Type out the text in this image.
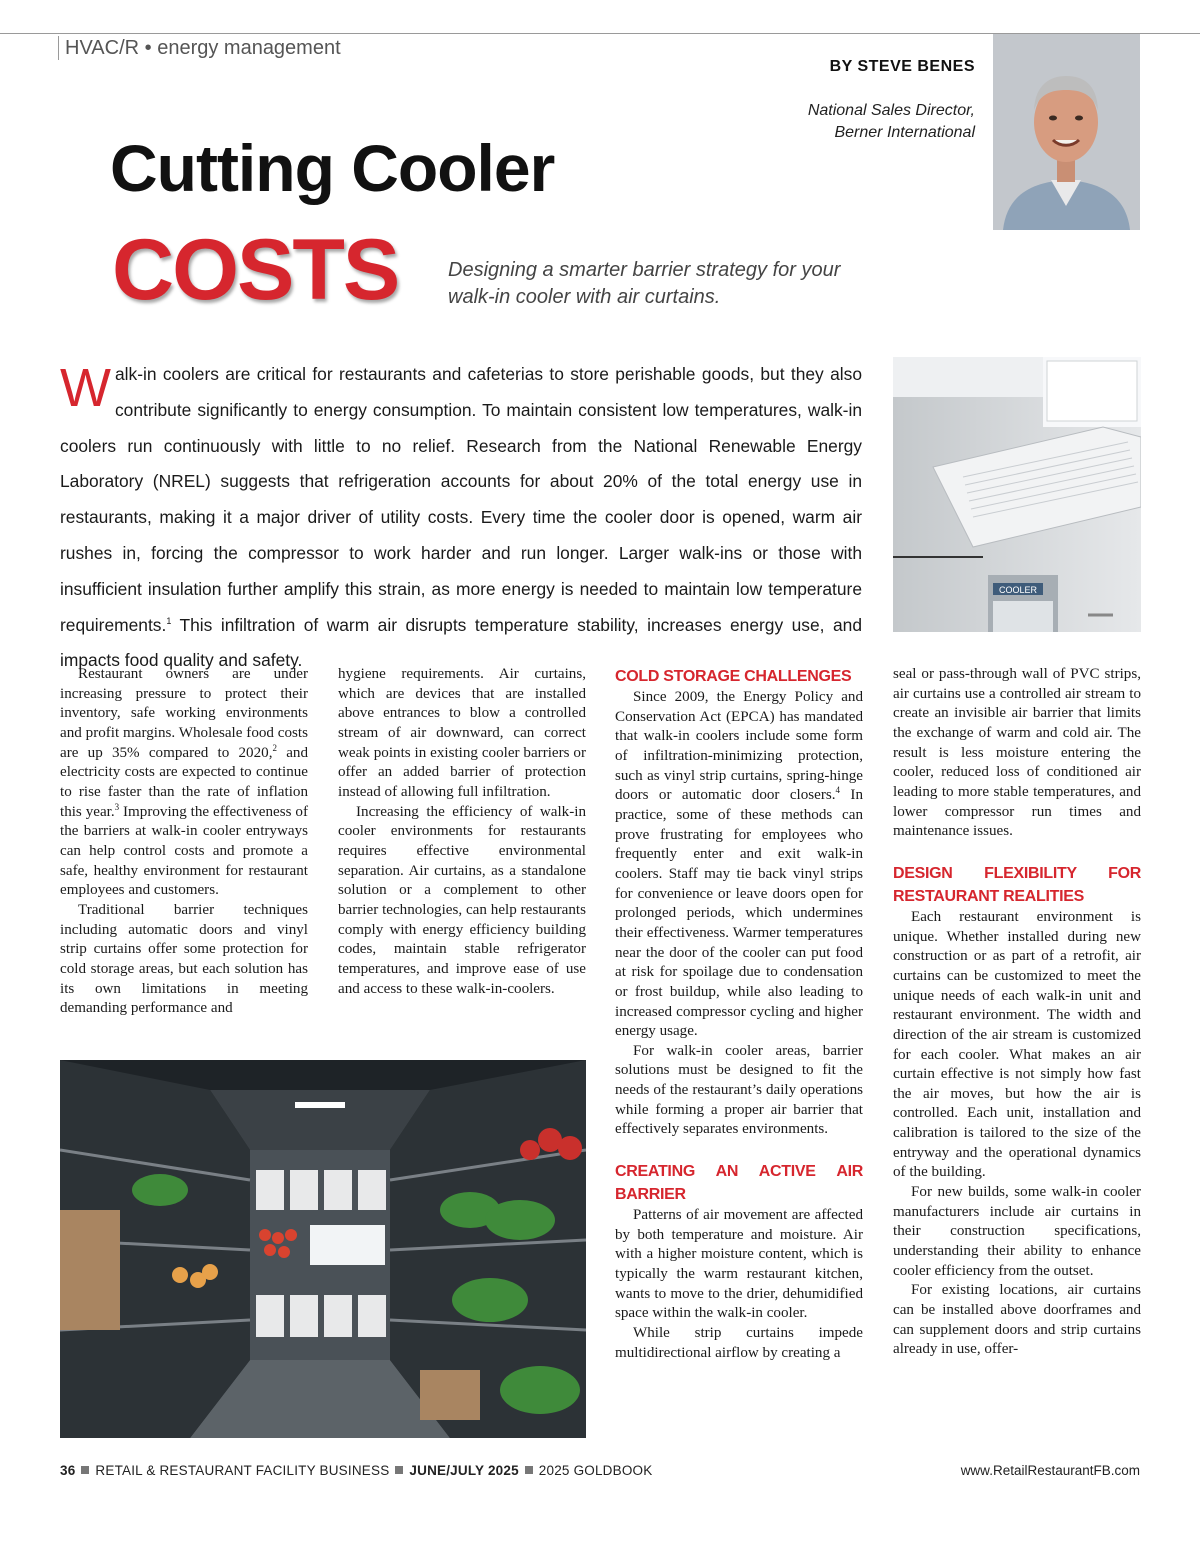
HVAC/R • energy management
BY STEVE BENES
National Sales Director,
Berner International
Cutting Cooler
COSTS Designing a smarter barrier strategy for your walk-in cooler with air curtains.
Walk-in coolers are critical for restaurants and cafeterias to store perishable goods, but they also contribute significantly to energy consumption. To maintain consistent low temperatures, walk-in coolers run continuously with little to no relief. Research from the National Renewable Energy Laboratory (NREL) suggests that refrigeration accounts for about 20% of the total energy use in restaurants, making it a major driver of utility costs. Every time the cooler door is opened, warm air rushes in, forcing the compressor to work harder and run longer. Larger walk-ins or those with insufficient insulation further amplify this strain, as more energy is needed to maintain low temperature requirements.$^1$ This infiltration of warm air disrupts temperature stability, increases energy use, and impacts food quality and safety.
COOLER

Restaurant owners are under increasing pressure to protect their inventory, safe working environments and profit margins. Wholesale food costs are up 35% compared to 2020,$^2$ and electricity costs are expected to continue to rise faster than the rate of inflation this year.$^3$ Improving the effectiveness of the barriers at walk-in cooler entryways can help control costs and promote a safe, healthy environment for restaurant employees and customers.

Traditional barrier techniques including automatic doors and vinyl strip curtains offer some protection for cold storage areas, but each solution has its own limitations in meeting demanding performance and

hygiene requirements. Air curtains, which are devices that are installed above entrances to blow a controlled stream of air downward, can correct weak points in existing cooler barriers or offer an added barrier of protection instead of allowing full infiltration.

Increasing the efficiency of walk-in cooler environments for restaurants requires effective environmental separation. Air curtains, as a standalone solution or a complement to other barrier technologies, can help restaurants comply with energy efficiency building codes, maintain stable refrigerator temperatures, and improve ease of use and access to these walk-in-coolers.

COLD STORAGE CHALLENGES

Since 2009, the Energy Policy and Conservation Act (EPCA) has mandated that walk-in coolers include some form of infiltration-minimizing protection, such as vinyl strip curtains, spring-hinge doors or automatic door closers.$^4$ In practice, some of these methods can prove frustrating for employees who frequently enter and exit walk-in coolers. Staff may tie back vinyl strips for convenience or leave doors open for prolonged periods, which undermines their effectiveness. Warmer temperatures near the door of the cooler can put food at risk for spoilage due to condensation or frost buildup, while also leading to increased compressor cycling and higher energy usage.

For walk-in cooler areas, barrier solutions must be designed to fit the needs of the restaurant’s daily operations while forming a proper air barrier that effectively separates environments.

CREATING AN ACTIVE AIR BARRIER

Patterns of air movement are affected by both temperature and moisture. Air with a higher moisture content, which is typically the warm restaurant kitchen, wants to move to the drier, dehumidified space within the walk-in cooler.

While strip curtains impede multidirectional airflow by creating a

seal or pass-through wall of PVC strips, air curtains use a controlled air stream to create an invisible air barrier that limits the exchange of warm and cold air. The result is less moisture entering the cooler, reduced loss of conditioned air leading to more stable temperatures, and lower compressor run times and maintenance issues.

DESIGN FLEXIBILITY FOR RESTAURANT REALITIES

Each restaurant environment is unique. Whether installed during new construction or as part of a retrofit, air curtains can be customized to meet the unique needs of each walk-in unit and restaurant environment. The width and direction of the air stream is customized for each cooler. What makes an air curtain effective is not simply how fast the air moves, but how the air is controlled. Each unit, installation and calibration is tailored to the size of the entryway and the operational dynamics of the building.

For new builds, some walk-in cooler manufacturers include air curtains in their construction specifications, understanding their ability to enhance cooler efficiency from the outset.

For existing locations, air curtains can be installed above doorframes and can supplement doors and strip curtains already in use, offer-

36 RETAIL & RESTAURANT FACILITY BUSINESS JUNE/JULY 2025 2025 GOLDBOOK	www.RetailRestaurantFB.com
